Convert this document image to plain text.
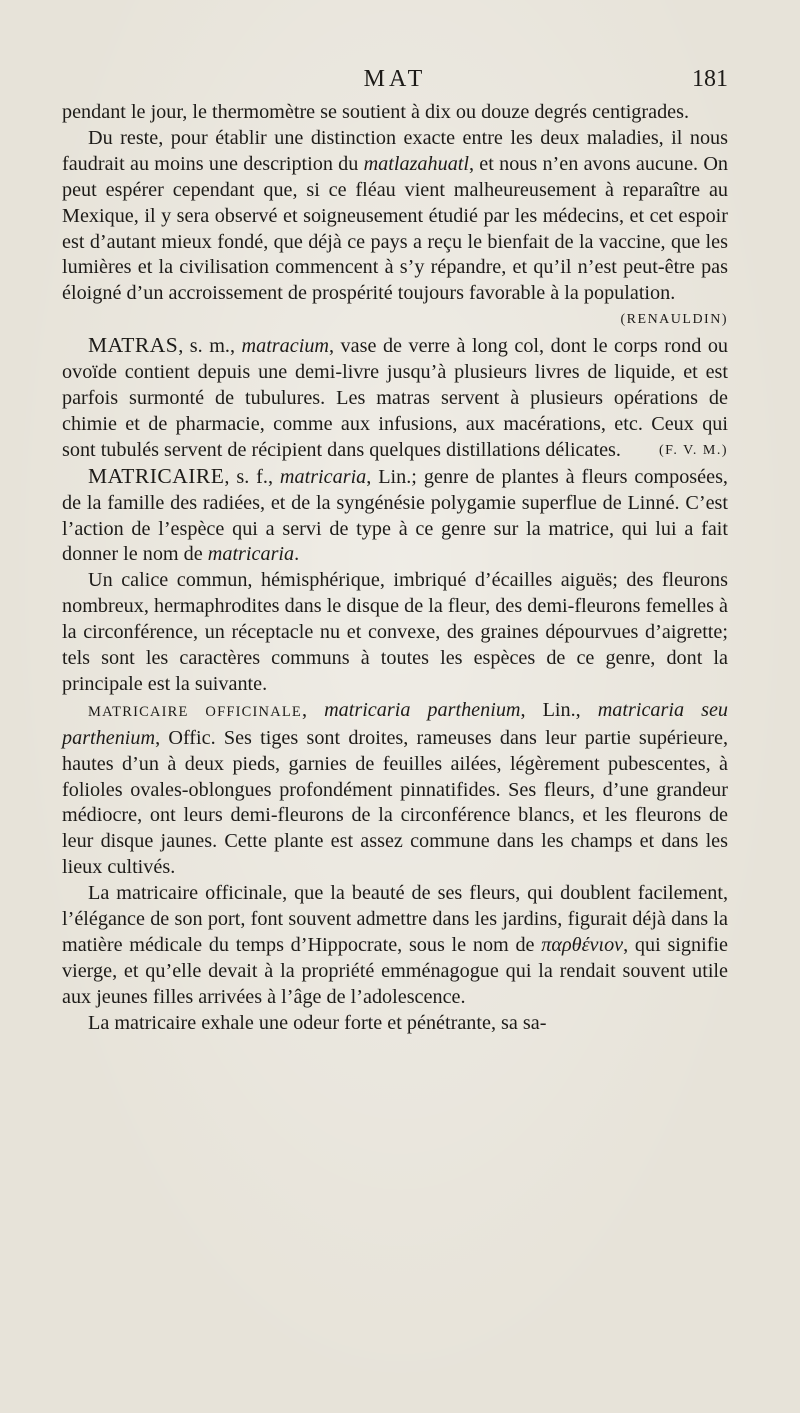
MAT	181

pendant le jour, le thermomètre se soutient à dix ou douze degrés centigrades.

Du reste, pour établir une distinction exacte entre les deux maladies, il nous faudrait au moins une description du matlazahuatl, et nous n’en avons aucune. On peut espérer cependant que, si ce fléau vient malheureusement à reparaître au Mexique, il y sera observé et soigneusement étudié par les médecins, et cet espoir est d’autant mieux fondé, que déjà ce pays a reçu le bienfait de la vaccine, que les lumières et la civilisation commencent à s’y répandre, et qu’il n’est peut-être pas éloigné d’un accroissement de prospérité toujours favorable à la population.
(RENAULDIN)

MATRAS, s. m., matracium, vase de verre à long col, dont le corps rond ou ovoïde contient depuis une demi-livre jusqu’à plusieurs livres de liquide, et est parfois surmonté de tubulures. Les matras servent à plusieurs opérations de chimie et de pharmacie, comme aux infusions, aux macérations, etc. Ceux qui sont tubulés servent de récipient dans quelques distillations délicates.	(F. V. M.)

MATRICAIRE, s. f., matricaria, Lin.; genre de plantes à fleurs composées, de la famille des radiées, et de la syngénésie polygamie superflue de Linné. C’est l’action de l’espèce qui a servi de type à ce genre sur la matrice, qui lui a fait donner le nom de matricaria.

Un calice commun, hémisphérique, imbriqué d’écailles aiguës; des fleurons nombreux, hermaphrodites dans le disque de la fleur, des demi-fleurons femelles à la circonférence, un réceptacle nu et convexe, des graines dépourvues d’aigrette; tels sont les caractères communs à toutes les espèces de ce genre, dont la principale est la suivante.

MATRICAIRE OFFICINALE, matricaria parthenium, Lin., matricaria seu parthenium, Offic. Ses tiges sont droites, rameuses dans leur partie supérieure, hautes d’un à deux pieds, garnies de feuilles ailées, légèrement pubescentes, à folioles ovales-oblongues profondément pinnatifides. Ses fleurs, d’une grandeur médiocre, ont leurs demi-fleurons de la circonférence blancs, et les fleurons de leur disque jaunes. Cette plante est assez commune dans les champs et dans les lieux cultivés.

La matricaire officinale, que la beauté de ses fleurs, qui doublent facilement, l’élégance de son port, font souvent admettre dans les jardins, figurait déjà dans la matière médicale du temps d’Hippocrate, sous le nom de παρθένιον, qui signifie vierge, et qu’elle devait à la propriété emménagogue qui la rendait souvent utile aux jeunes filles arrivées à l’âge de l’adolescence.

La matricaire exhale une odeur forte et pénétrante, sa sa-
